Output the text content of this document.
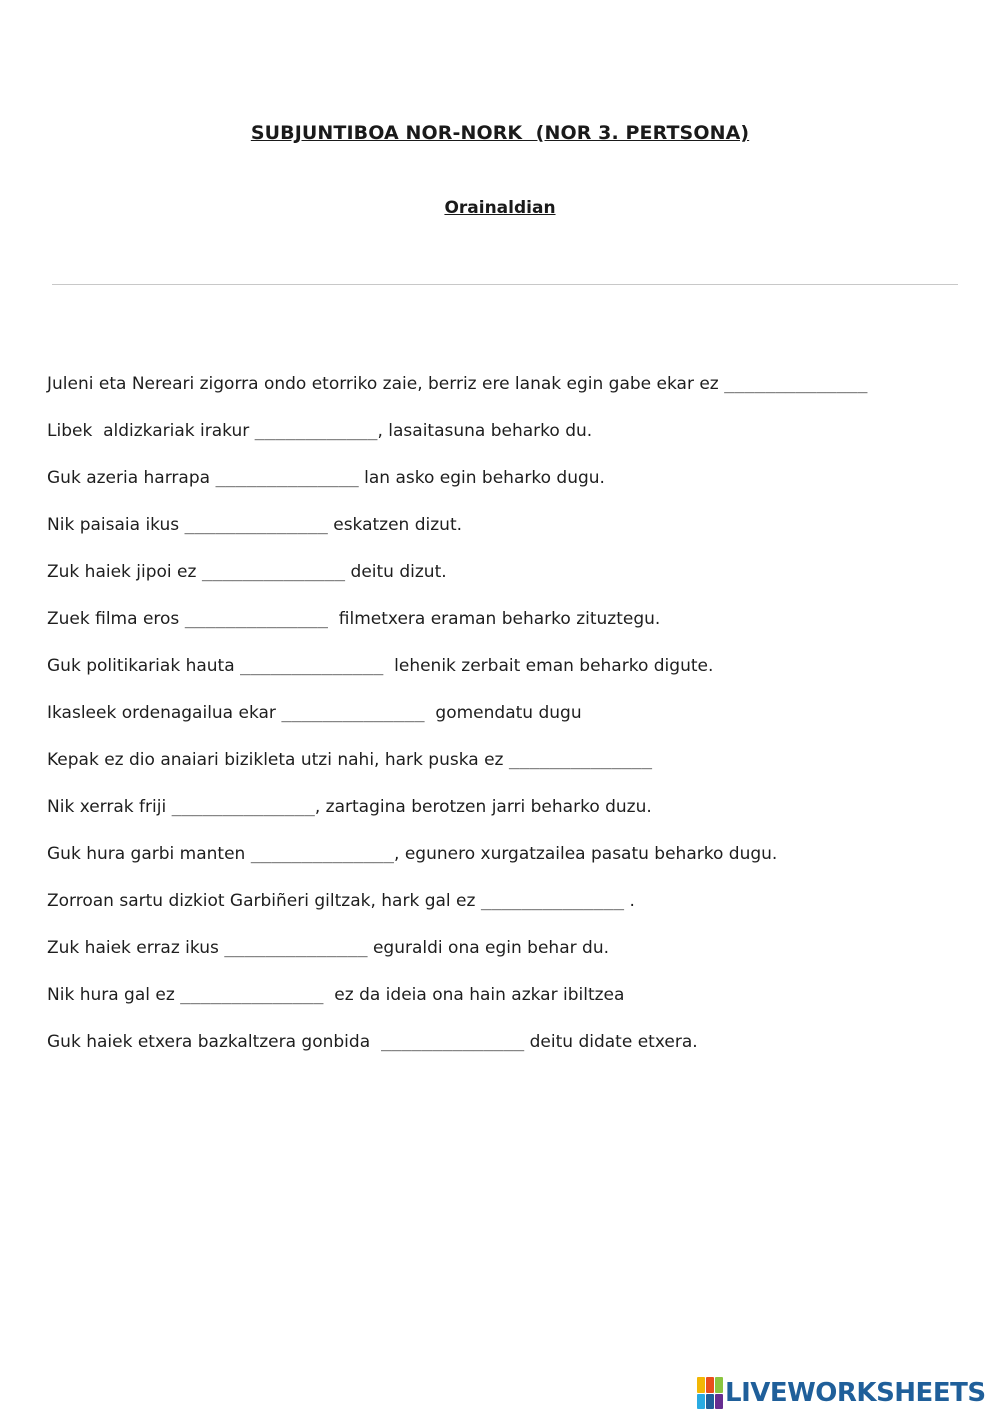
SUBJUNTIBOA NOR-NORK  (NOR 3. PERTSONA)
Orainaldian
Juleni eta Nereari zigorra ondo etorriko zaie, berriz ere lanak egin gabe ekar ez ______________
Libek  aldizkariak irakur ____________, lasaitasuna beharko du.
Guk azeria harrapa ______________ lan asko egin beharko dugu.
Nik paisaia ikus ______________ eskatzen dizut.
Zuk haiek jipoi ez ______________ deitu dizut.
Zuek filma eros ______________  filmetxera eraman beharko zituztegu.
Guk politikariak hauta ______________  lehenik zerbait eman beharko digute.
Ikasleek ordenagailua ekar ______________  gomendatu dugu
Kepak ez dio anaiari bizikleta utzi nahi, hark puska ez ______________
Nik xerrak friji ______________, zartagina berotzen jarri beharko duzu.
Guk hura garbi manten ______________, egunero xurgatzailea pasatu beharko dugu.
Zorroan sartu dizkiot Garbiñeri giltzak, hark gal ez ______________ .
Zuk haiek erraz ikus ______________ eguraldi ona egin behar du.
Nik hura gal ez ______________  ez da ideia ona hain azkar ibiltzea
Guk haiek etxera bazkaltzera gonbida  ______________ deitu didate etxera.
LIVEWORKSHEETS
